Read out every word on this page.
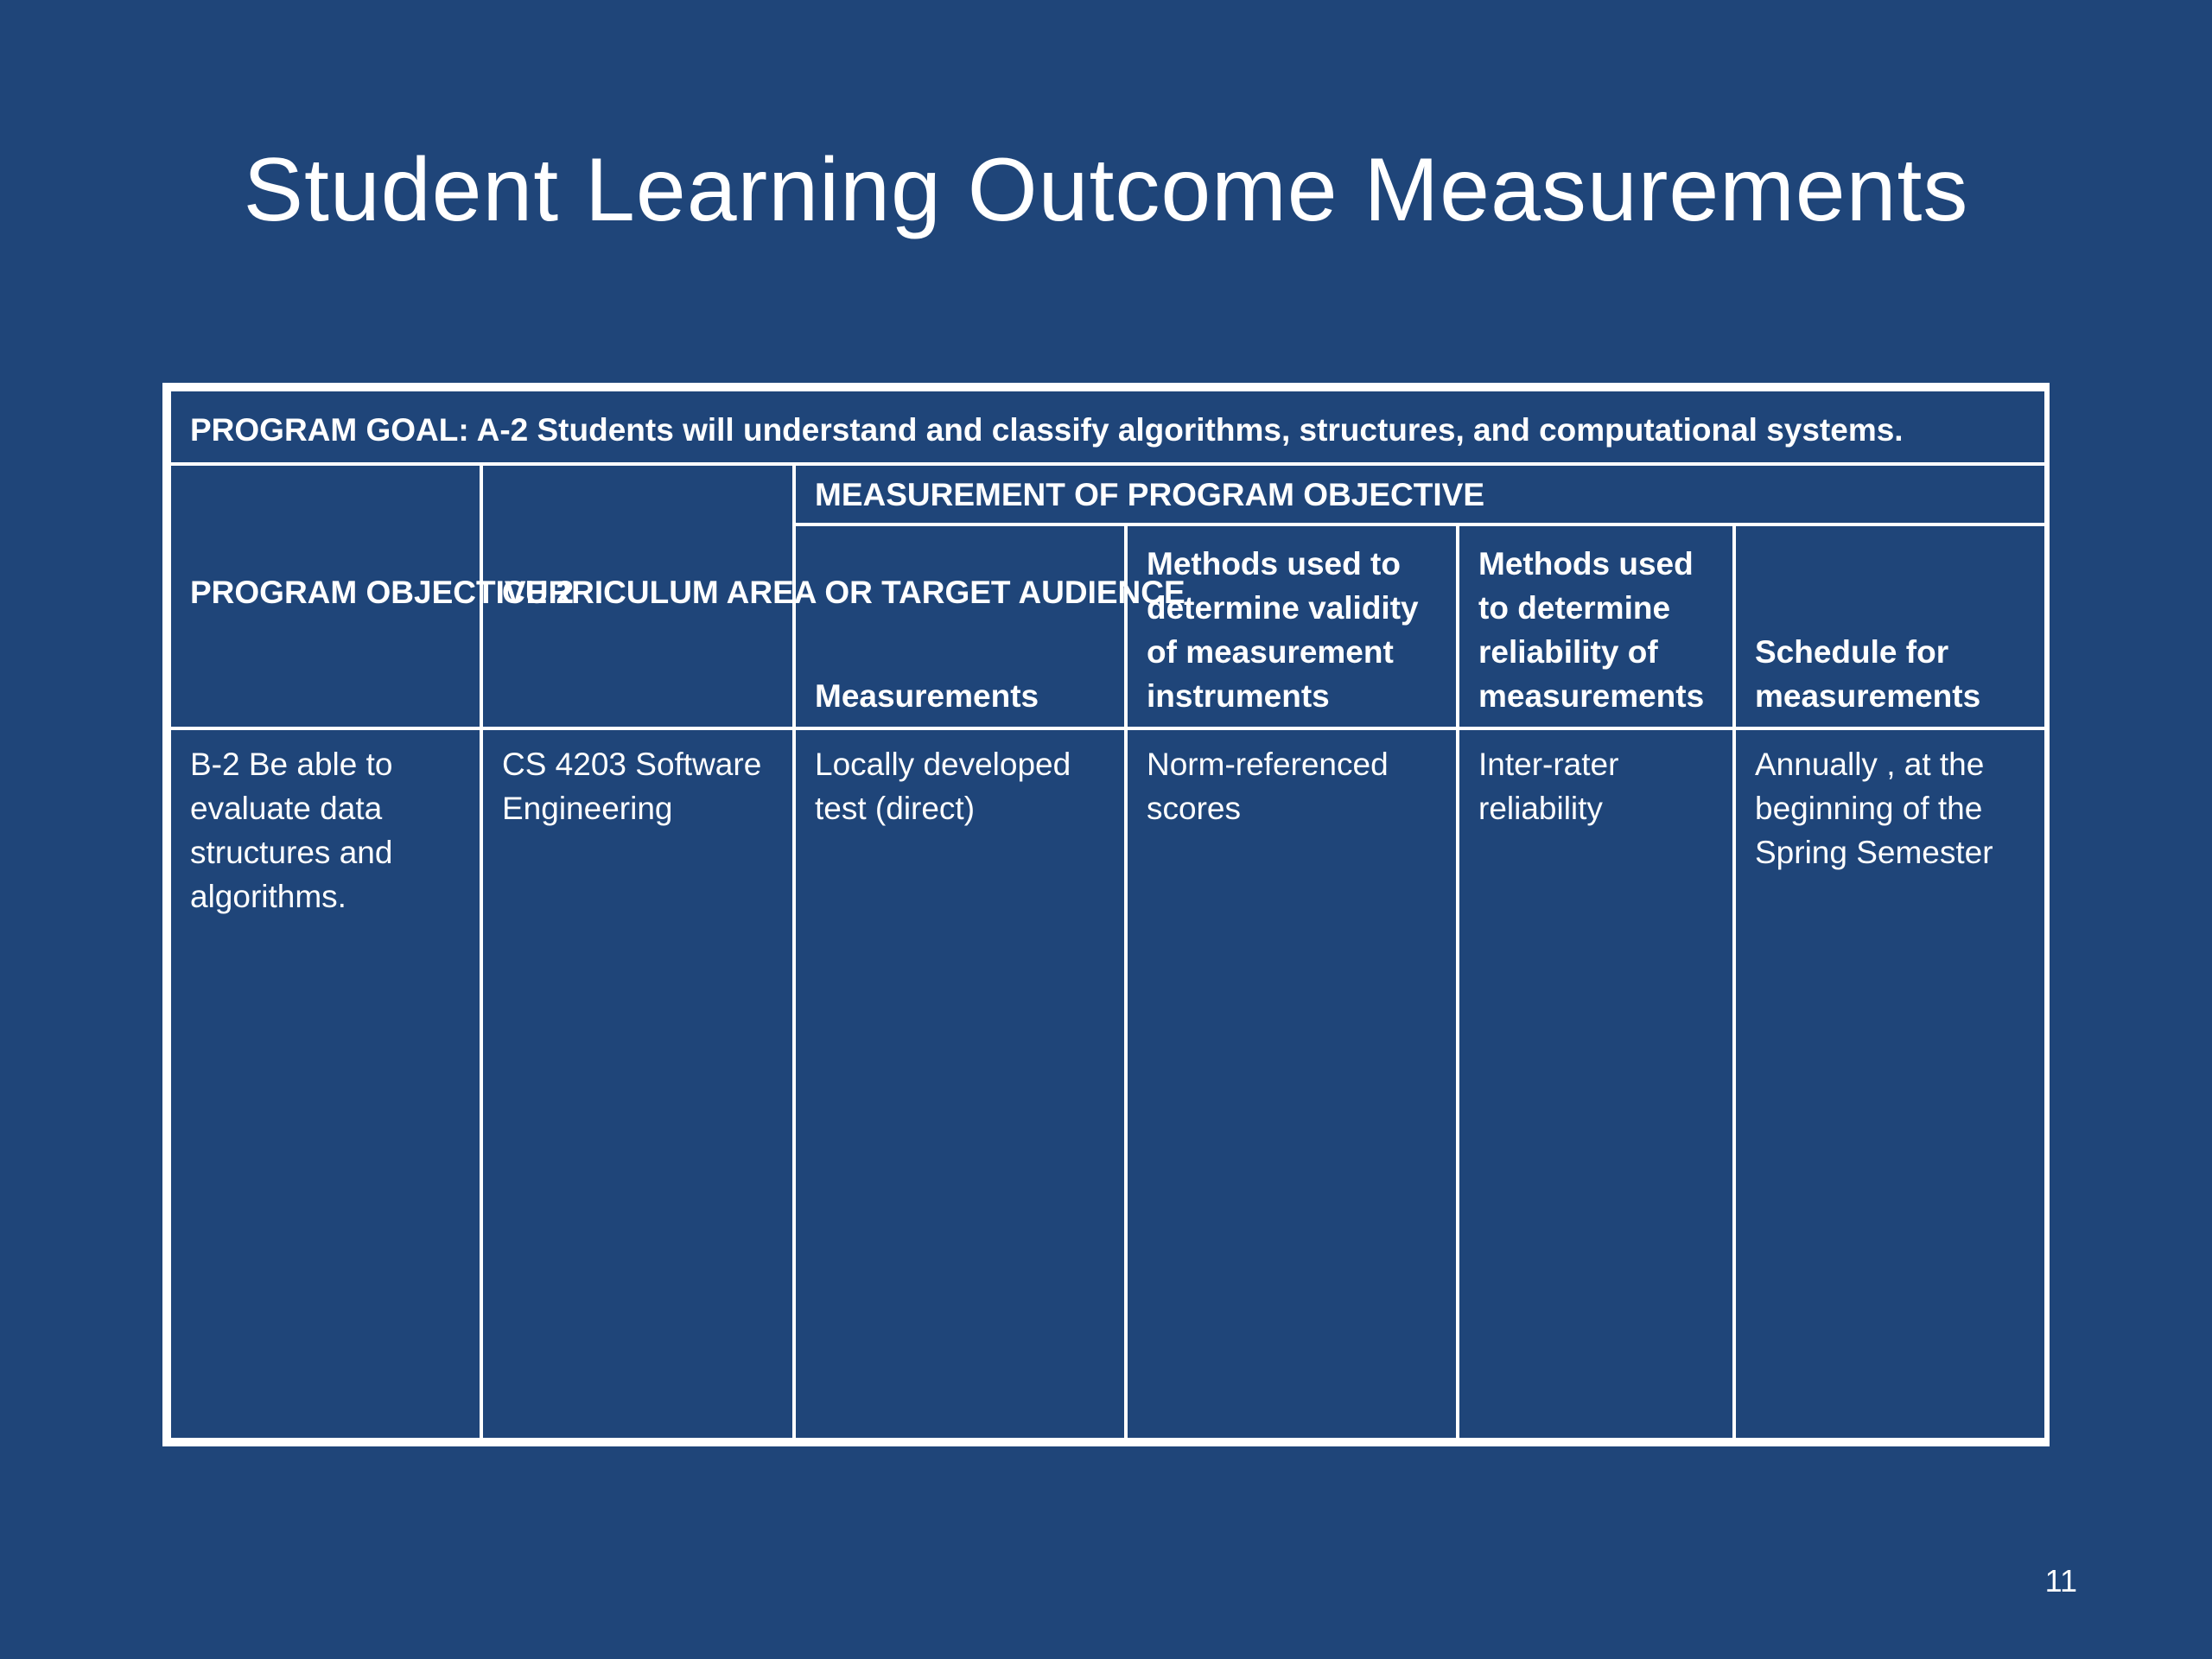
Student Learning Outcome Measurements
PROGRAM GOAL: A-2 Students will understand and classify algorithms, structures, and computational systems.					
PROGRAM OBJECTIVE 2	CURRICULUM AREA OR TARGET AUDIENCE	MEASUREMENT OF PROGRAM OBJECTIVE			
		Measurements	Methods used to determine validity of measurement instruments	Methods used to determine reliability of measurements	Schedule for measurements
B-2 Be able to evaluate data structures and algorithms.	CS 4203 Software Engineering	Locally developed test (direct)	Norm-referenced scores	Inter-rater reliability	Annually , at the beginning of the Spring Semester
11
